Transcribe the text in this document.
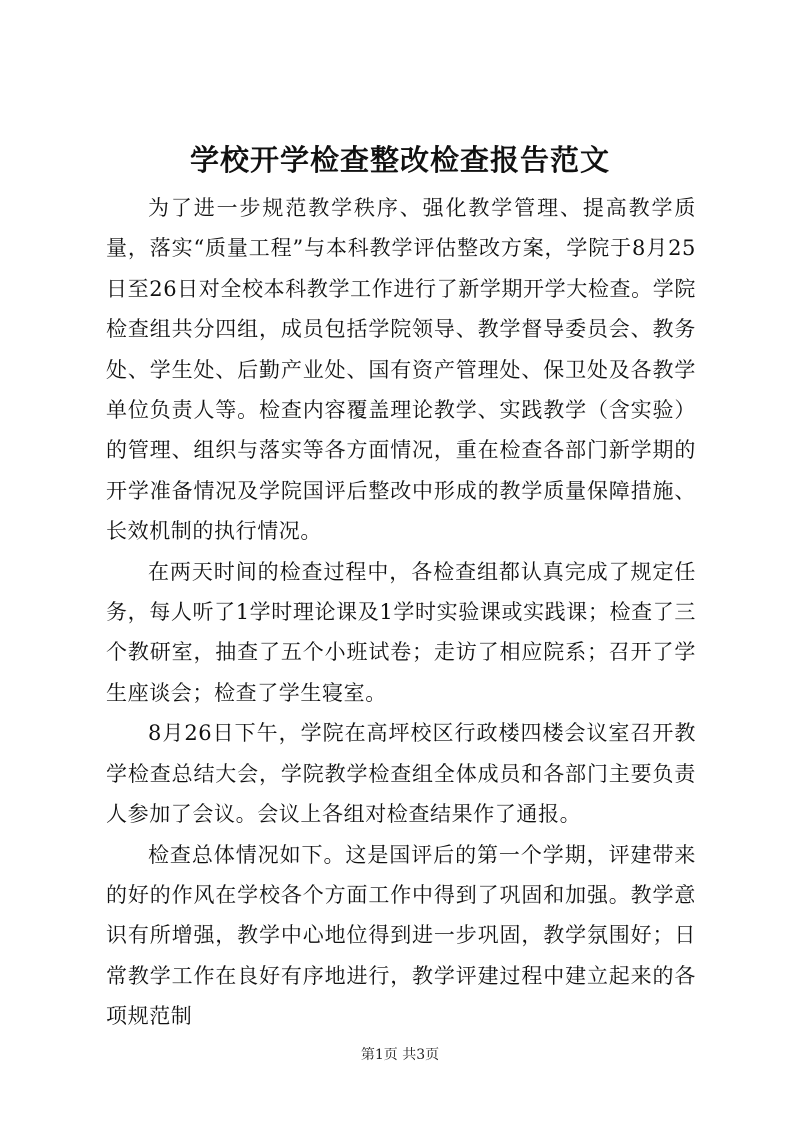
学校开学检查整改检查报告范文

为了进一步规范教学秩序、强化教学管理、提高教学质量，落实“质量工程”与本科教学评估整改方案，学院于8月25日至26日对全校本科教学工作进行了新学期开学大检查。学院检查组共分四组，成员包括学院领导、教学督导委员会、教务处、学生处、后勤产业处、国有资产管理处、保卫处及各教学单位负责人等。检查内容覆盖理论教学、实践教学（含实验）的管理、组织与落实等各方面情况，重在检查各部门新学期的开学准备情况及学院国评后整改中形成的教学质量保障措施、长效机制的执行情况。

在两天时间的检查过程中，各检查组都认真完成了规定任务，每人听了1学时理论课及1学时实验课或实践课；检查了三个教研室，抽查了五个小班试卷；走访了相应院系；召开了学生座谈会；检查了学生寝室。

8月26日下午，学院在高坪校区行政楼四楼会议室召开教学检查总结大会，学院教学检查组全体成员和各部门主要负责人参加了会议。会议上各组对检查结果作了通报。

检查总体情况如下。这是国评后的第一个学期，评建带来的好的作风在学校各个方面工作中得到了巩固和加强。教学意识有所增强，教学中心地位得到进一步巩固，教学氛围好；日常教学工作在良好有序地进行，教学评建过程中建立起来的各项规范制

第1页 共3页
